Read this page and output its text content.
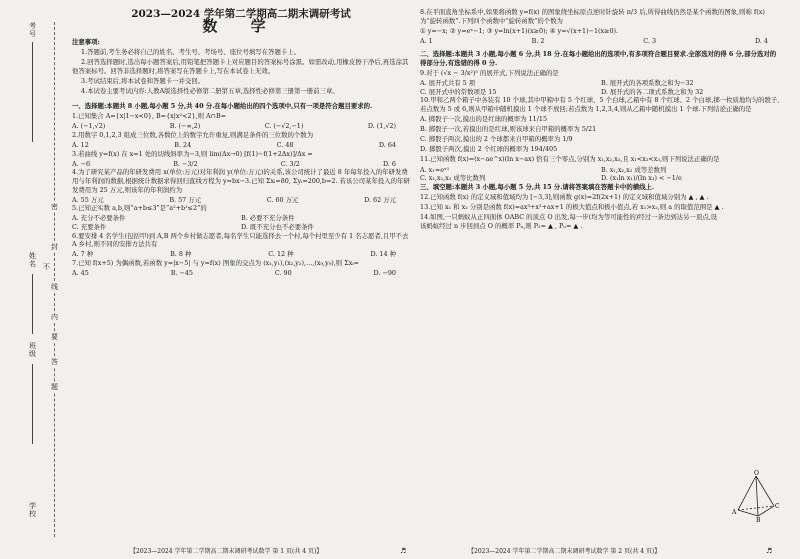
考号
姓名
班级
学校
密
封
线
内
不
要
答
题
2023—2024 学年第二学期高二期末调研考试
数 学

注意事项:

1.答题前,考生务必将自己的姓名、考生号、考场号、座位号填写在答题卡上。

2.回答选择题时,选出每小题答案后,用铅笔把答题卡上对应题目的答案标号涂黑。如需改动,用橡皮擦干净后,再选涂其他答案标号。回答非选择题时,将答案写在答题卡上,写在本试卷上无效。

3.考试结束后,将本试卷和答题卡一并交回。

4.本试卷主要考试内容:人教A版选择性必修第二册第五章,选择性必修第三册第一册前三章。

一、选择题:本题共 8 小题,每小题 5 分,共 40 分.在每小题给出的四个选项中,只有一项是符合题目要求的.

1.已知集合 A={x|1−x<0}, B={x|x²<2},则 A∩B=

A. (−1,√2)	B. (−∞,2)	C. (−√2,−1)	D. (1,√2)

2.用数字 0,1,2,3 组成三位数,各数位上的数字允许重复,则满足条件的三位数的个数为

A. 12	B. 24	C. 48	D. 64

3.若曲线 y=f(x) 在 x=1 处的切线斜率为−3,则 lim(Δx→0) [f(1)−f(1+2Δx)]/Δx =

A. −6	B. −3/2	C. 3/2	D. 6

4.为了研究某产品的年研发费用 x(单位:万元)对年利润 y(单位:万元)的关系,该公司统计了最近 8 年每年投入的年研发费用与年利润的数据,根据统计数据求得回归直线方程为 y=bx−3.已知 Σxᵢ=80, Σyᵢ=200,b=2. 若该公司某年投入的年研发费用为 25 万元,则该年的年利润约为

A. 55 万元	B. 57 万元	C. 60 万元	D. 62 万元

5.已知正实数 a,b,则“a+b≤3”是“a²+b²≤2”的

A. 充分不必要条件	B. 必要不充分条件
C. 充要条件	D. 既不充分也不必要条件

6.要安排 4 名学生(包括甲)到 A,B 两个乡村做志愿者,每名学生只能选择去一个村,每个村里至少有 1 名志愿者,且甲不去 A 乡村,则不同的安排方法共有

A. 7 种	B. 8 种	C. 12 种	D. 14 种

7.已知 f(x+5) 为偶函数,若函数 y=|x−5| 与 y=f(x) 图象的交点为 (x₁,y₁),(x₂,y₂),…,(x₉,y₉),则 Σxᵢ=

A. 45	B. −45	C. 90	D. −90

8.在平面直角坐标系中,如果将函数 y=f(x) 的图象绕坐标原点逆时针旋转 π/3 后,所得曲线仍然是某个函数的图象,则称 f(x) 为“旋转函数”.下列四个函数中“旋转函数”的个数为

① y=−x; ② y=eˣ−1; ③ y=ln(x+1)(x≥0); ④ y=√(x+1)−1(x≥0).

A. 1	B. 2	C. 3	D. 4

二、选择题:本题共 3 小题,每小题 6 分,共 18 分.在每小题给出的选项中,有多项符合题目要求.全部选对的得 6 分,部分选对的得部分分,有选错的得 0 分.

9.对于 (√x − 3/x²)⁵ 的展开式,下列说法正确的是

A. 展开式共有 5 项	B. 展开式的各项系数之和为−32
C. 展开式中的常数项是 15	D. 展开式的各二项式系数之和为 32

10.甲和乙两个箱子中各装有 10 个球,其中甲箱中有 5 个红球、5 个白球,乙箱中有 8 个红球、2 个白球,掷一枚质地均匀的骰子,若点数为 5 或 6,则从甲箱中随机摸出 1 个球不放回;若点数为 1,2,3,4,则从乙箱中随机摸出 1 个球.下列结论正确的是

A. 掷骰子一次,摸出的是红球的概率为 11/15

B. 掷骰子一次,若摸出的是红球,则该球来自甲箱的概率为 5/21

C. 掷骰子两次,摸出的 2 个球都来自甲箱的概率为 1/9

D. 掷骰子两次,摸出 2 个红球的概率为 194/405

11.已知函数 f(x)=(x−ae^x)(ln x−ax) 恰有三个零点,分别为 x₁,x₂,x₃,且 x₁<x₂<x₃,则下列说法正确的是

A. x₁=eˣ¹	B. x₁,x₂,x₃ 成等差数列
C. x₁,x₂,x₃ 成等比数列	D. (x₁ln x₁)/(ln x₃) < −1/e

三、填空题:本题共 3 小题,每小题 5 分,共 15 分.请将答案填在答题卡中的横线上.

12.已知函数 f(x) 的定义域和值域均为 [−3,3],则函数 g(x)=2f(2x+1) 的定义域和值域分别为 ▲ , ▲ .

13.已知 x₁ 和 x₂ 分别是函数 f(x)=ax³+x²+ax+1 的极大值点和极小值点,若 x₁>x₂,则 a 的取值范围是 ▲ .

14.如图,一只蚂蚁从正四面体 OABC 的顶点 O 出发,每一步(均为等可能性的)经过一条边到达另一顶点,设该蚂蚁经过 n 步回到点 O 的概率 Pₙ,则 P₂= ▲ , Pₙ= ▲ .

O
A
B
C
【2023—2024 学年第二学期高二期末调研考试数学 第 1 页(共 4 页)】	♬	【2023—2024 学年第二学期高二期末调研考试数学 第 2 页(共 4 页)】	♬
